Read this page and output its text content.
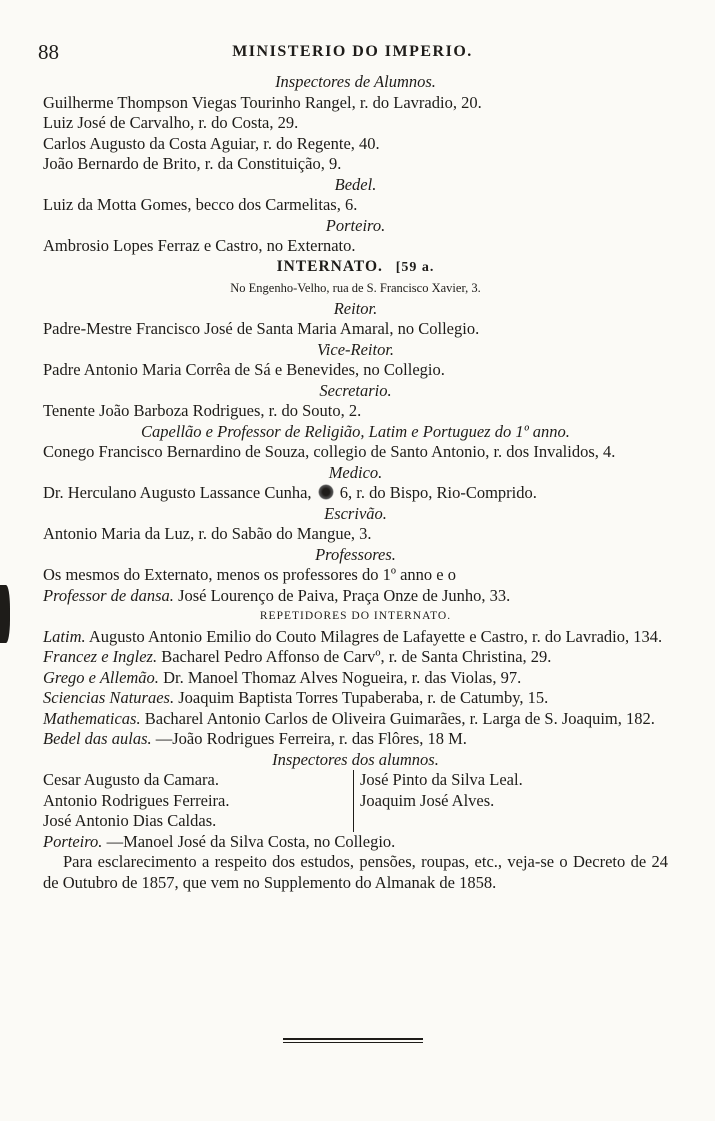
88	MINISTERIO DO IMPERIO.
Inspectores de Alumnos.
Guilherme Thompson Viegas Tourinho Rangel, r. do Lavradio, 20.
Luiz José de Carvalho, r. do Costa, 29.
Carlos Augusto da Costa Aguiar, r. do Regente, 40.
João Bernardo de Brito, r. da Constituição, 9.
Bedel.
Luiz da Motta Gomes, becco dos Carmelitas, 6.
Porteiro.
Ambrosio Lopes Ferraz e Castro, no Externato.
INTERNATO. [59 a.
No Engenho-Velho, rua de S. Francisco Xavier, 3.
Reitor.
Padre-Mestre Francisco José de Santa Maria Amaral, no Collegio.
Vice-Reitor.
Padre Antonio Maria Corrêa de Sá e Benevides, no Collegio.
Secretario.
Tenente João Barboza Rodrigues, r. do Souto, 2.
Capellão e Professor de Religião, Latim e Portuguez do 1º anno.
Conego Francisco Bernardino de Souza, collegio de Santo Antonio, r. dos Invalidos, 4.
Medico.
Dr. Herculano Augusto Lassance Cunha, 6, r. do Bispo, Rio-Comprido.
Escrivão.
Antonio Maria da Luz, r. do Sabão do Mangue, 3.
Professores.
Os mesmos do Externato, menos os professores do 1º anno e o
Professor de dansa. José Lourenço de Paiva, Praça Onze de Junho, 33.
REPETIDORES DO INTERNATO.
Latim. Augusto Antonio Emilio do Couto Milagres de Lafayette e Castro, r. do Lavradio, 134.
Francez e Inglez. Bacharel Pedro Affonso de Carvº, r. de Santa Christina, 29.
Grego e Allemão. Dr. Manoel Thomaz Alves Nogueira, r. das Violas, 97.
Sciencias Naturaes. Joaquim Baptista Torres Tupaberaba, r. de Catumby, 15.
Mathematicas. Bacharel Antonio Carlos de Oliveira Guimarães, r. Larga de S. Joaquim, 182.
Bedel das aulas. —João Rodrigues Ferreira, r. das Flôres, 18 M.
Inspectores dos alumnos.
Cesar Augusto da Camara.
Antonio Rodrigues Ferreira.
José Antonio Dias Caldas.
José Pinto da Silva Leal.
Joaquim José Alves.
Porteiro. —Manoel José da Silva Costa, no Collegio.
Para esclarecimento a respeito dos estudos, pensões, roupas, etc., veja-se o Decreto de 24 de Outubro de 1857, que vem no Supplemento do Almanak de 1858.
